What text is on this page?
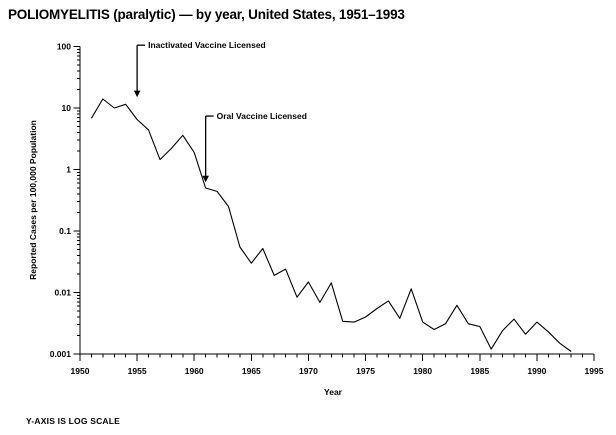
POLIOMYELITIS (paralytic) — by year, United States, 1951–1993
100
10
1
0.1
0.01
0.001
1950	1955	1960	1965	1970	1975	1980	1985	1990	1995
Year
Reported Cases per 100,000 Population
Inactivated Vaccine Licensed
Oral Vaccine Licensed
Y-AXIS IS LOG SCALE
